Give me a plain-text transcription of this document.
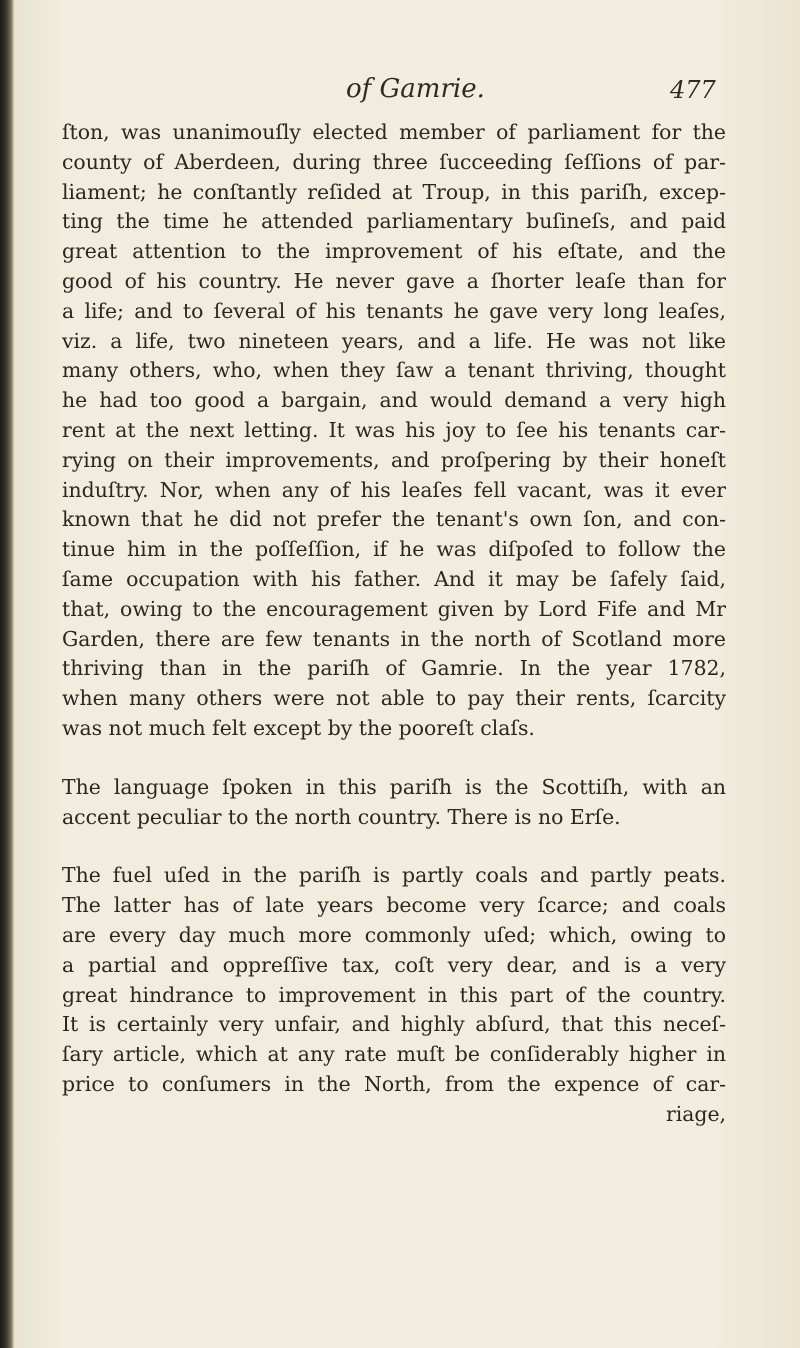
of Gamrie.	477
ſton, was unanimouſly elected member of parliament for the
county of Aberdeen, during three ſucceeding ſeſſions of par-
liament; he conſtantly reſided at Troup, in this pariſh, excep-
ting the time he attended parliamentary buſineſs, and paid
great attention to the improvement of his eſtate, and the
good of his country. He never gave a ſhorter leaſe than for
a life; and to ſeveral of his tenants he gave very long leaſes,
viz. a life, two nineteen years, and a life. He was not like
many others, who, when they ſaw a tenant thriving, thought
he had too good a bargain, and would demand a very high
rent at the next letting. It was his joy to ſee his tenants car-
rying on their improvements, and proſpering by their honeſt
induſtry. Nor, when any of his leaſes fell vacant, was it ever
known that he did not prefer the tenant's own ſon, and con-
tinue him in the poſſeſſion, if he was diſpoſed to follow the
ſame occupation with his father. And it may be ſafely ſaid,
that, owing to the encouragement given by Lord Fife and Mr
Garden, there are few tenants in the north of Scotland more
thriving than in the pariſh of Gamrie. In the year 1782,
when many others were not able to pay their rents, ſcarcity
was not much felt except by the pooreſt claſs.
The language ſpoken in this pariſh is the Scottiſh, with an
accent peculiar to the north country. There is no Erſe.
The fuel uſed in the pariſh is partly coals and partly peats.
The latter has of late years become very ſcarce; and coals
are every day much more commonly uſed; which, owing to
a partial and oppreſſive tax, coſt very dear, and is a very
great hindrance to improvement in this part of the country.
It is certainly very unfair, and highly abſurd, that this neceſ-
ſary article, which at any rate muſt be conſiderably higher in
price to conſumers in the North, from the expence of car-
riage,
